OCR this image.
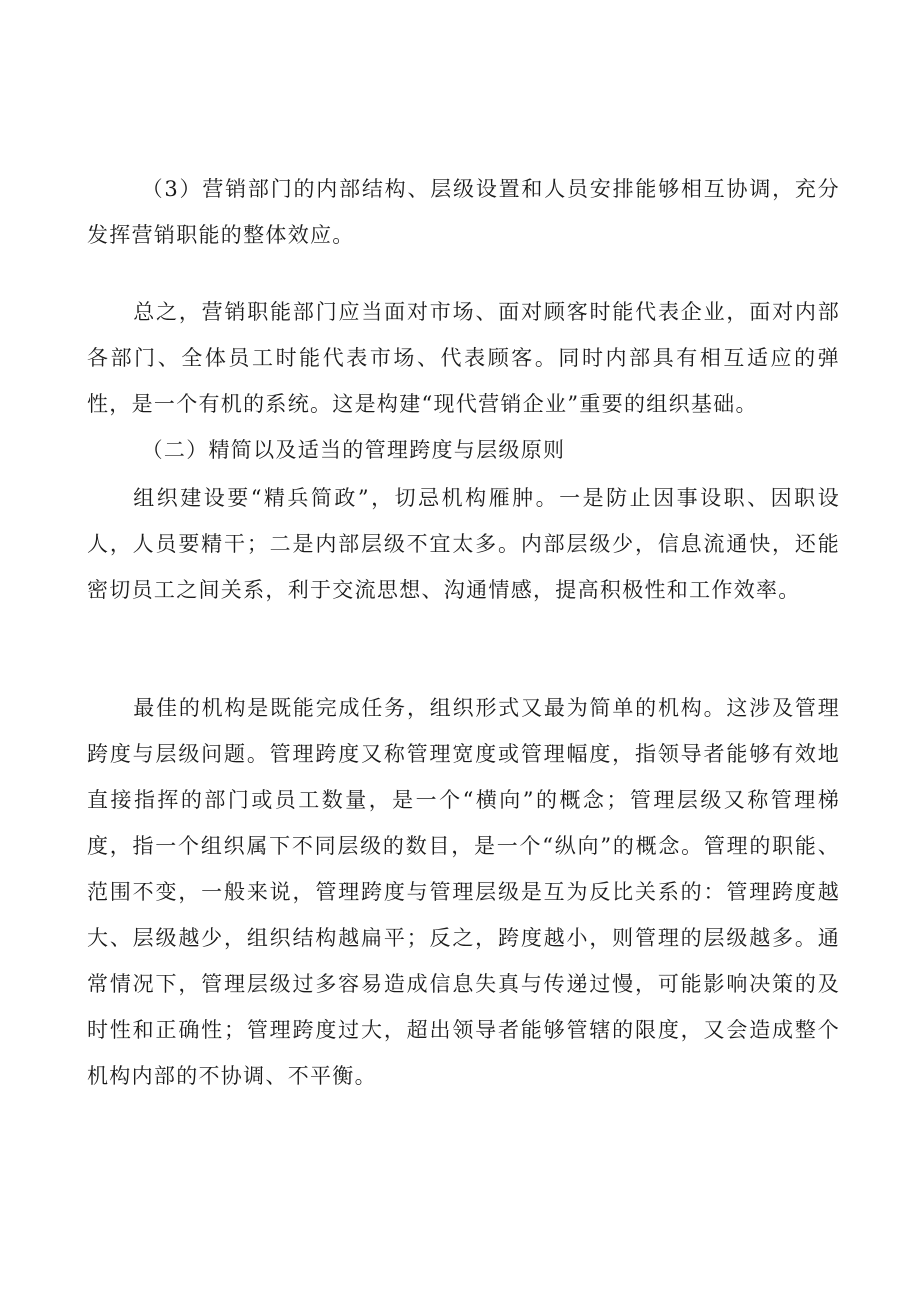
（3）营销部门的内部结构、层级设置和人员安排能够相互协调，充分发挥营销职能的整体效应。

总之，营销职能部门应当面对市场、面对顾客时能代表企业，面对内部各部门、全体员工时能代表市场、代表顾客。同时内部具有相互适应的弹性，是一个有机的系统。这是构建“现代营销企业”重要的组织基础。

（二）精简以及适当的管理跨度与层级原则

组织建设要“精兵简政”，切忌机构雁肿。一是防止因事设职、因职设人，人员要精干；二是内部层级不宜太多。内部层级少，信息流通快，还能密切员工之间关系，利于交流思想、沟通情感，提高积极性和工作效率。

最佳的机构是既能完成任务，组织形式又最为简单的机构。这涉及管理跨度与层级问题。管理跨度又称管理宽度或管理幅度，指领导者能够有效地直接指挥的部门或员工数量，是一个“横向”的概念；管理层级又称管理梯度，指一个组织属下不同层级的数目，是一个“纵向”的概念。管理的职能、范围不变，一般来说，管理跨度与管理层级是互为反比关系的：管理跨度越大、层级越少，组织结构越扁平；反之，跨度越小，则管理的层级越多。通常情况下，管理层级过多容易造成信息失真与传递过慢，可能影响决策的及时性和正确性；管理跨度过大，超出领导者能够管辖的限度，又会造成整个机构内部的不协调、不平衡。
